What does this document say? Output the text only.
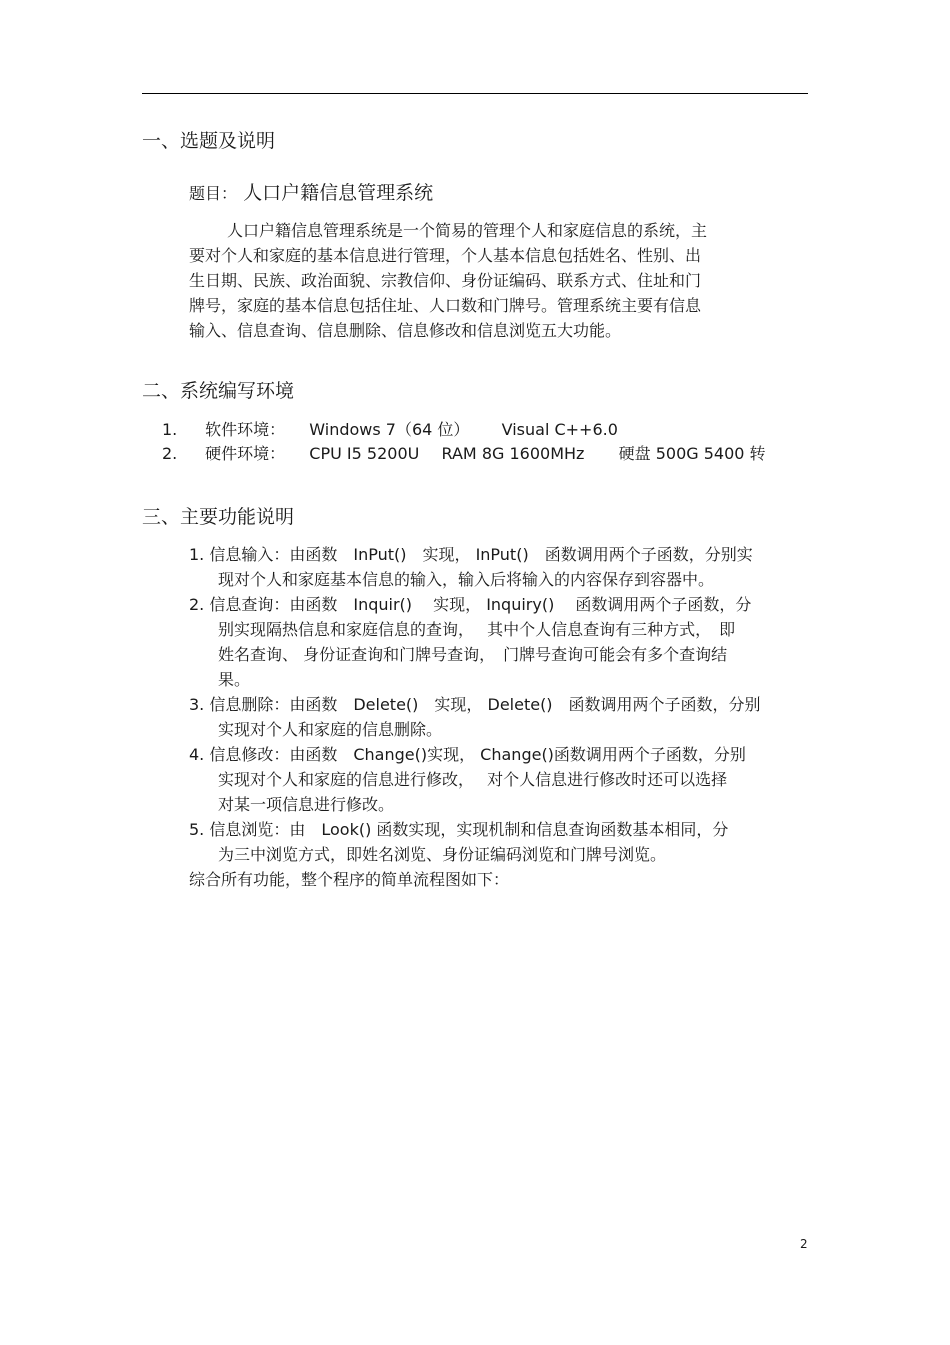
一、选题及说明
题目： 人口户籍信息管理系统
人口户籍信息管理系统是一个简易的管理个人和家庭信息的系统，主
要对个人和家庭的基本信息进行管理，个人基本信息包括姓名、性别、出
生日期、民族、政治面貌、宗教信仰、身份证编码、联系方式、住址和门
牌号，家庭的基本信息包括住址、人口数和门牌号。管理系统主要有信息
输入、信息查询、信息删除、信息修改和信息浏览五大功能。
二、系统编写环境
1. 软件环境： Windows 7（64 位） Visual C++6.0
2. 硬件环境： CPU I5 5200U RAM 8G 1600MHz 硬盘 500G 5400 转
三、主要功能说明
1. 信息输入：由函数　InPut()　实现， InPut()　函数调用两个子函数，分别实
现对个人和家庭基本信息的输入，输入后将输入的内容保存到容器中。
2. 信息查询：由函数　Inquir()　 实现， Inquiry()　 函数调用两个子函数，分
别实现隔热信息和家庭信息的查询，　 其中个人信息查询有三种方式，　即
姓名查询、 身份证查询和门牌号查询，　门牌号查询可能会有多个查询结
果。
3. 信息删除：由函数　Delete()　实现， Delete()　函数调用两个子函数，分别
实现对个人和家庭的信息删除。
4. 信息修改：由函数　Change()实现， Change()函数调用两个子函数，分别
实现对个人和家庭的信息进行修改，　 对个人信息进行修改时还可以选择
对某一项信息进行修改。
5. 信息浏览：由　Look() 函数实现，实现机制和信息查询函数基本相同，分
为三中浏览方式，即姓名浏览、身份证编码浏览和门牌号浏览。
综合所有功能，整个程序的简单流程图如下：
2
